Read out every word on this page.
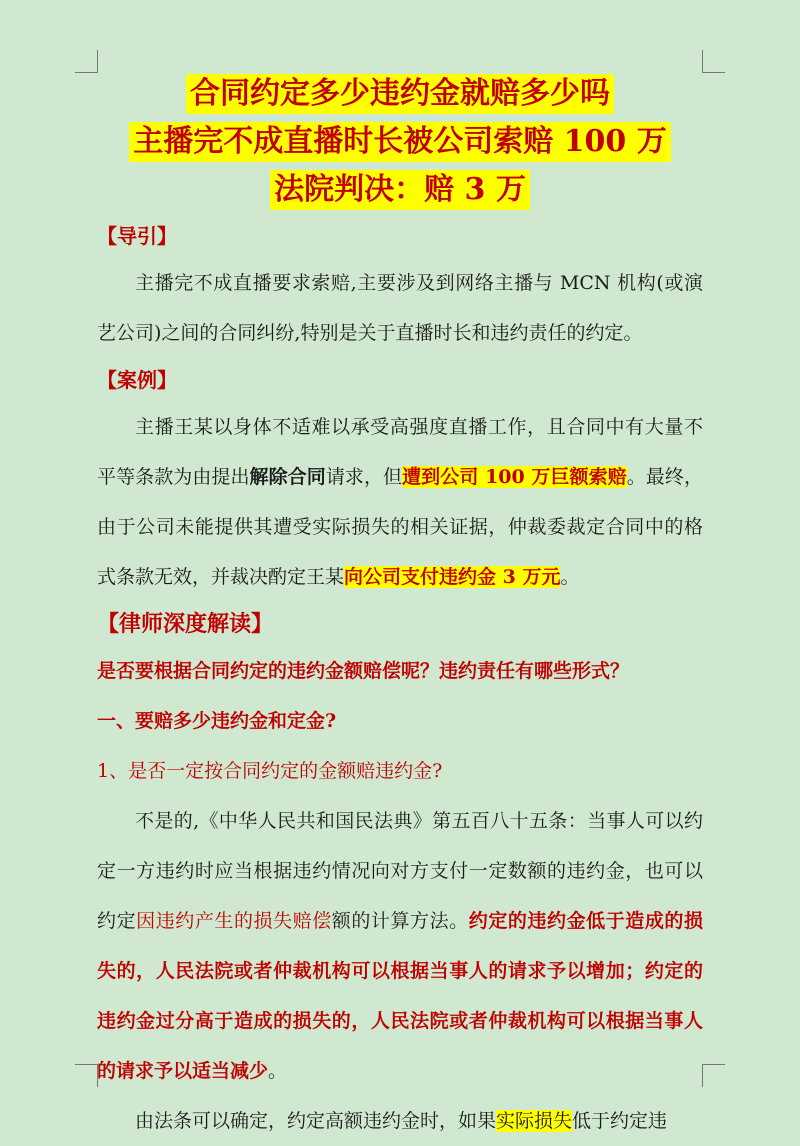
合同约定多少违约金就赔多少吗
主播完不成直播时长被公司索赔 100 万
法院判决：赔 3 万
【导引】

主播完不成直播要求索赔,主要涉及到网络主播与 MCN 机构(或演艺公司)之间的合同纠纷,特别是关于直播时长和违约责任的约定。

【案例】

主播王某以身体不适难以承受高强度直播工作，且合同中有大量不平等条款为由提出解除合同请求，但遭到公司 100 万巨额索赔。最终，由于公司未能提供其遭受实际损失的相关证据，仲裁委裁定合同中的格式条款无效，并裁决酌定王某向公司支付违约金 3 万元。

【律师深度解读】

是否要根据合同约定的违约金额赔偿呢？违约责任有哪些形式？

一、要赔多少违约金和定金?

1、是否一定按合同约定的金额赔违约金?

不是的,《中华人民共和国民法典》第五百八十五条：当事人可以约定一方违约时应当根据违约情况向对方支付一定数额的违约金，也可以约定因违约产生的损失赔偿额的计算方法。约定的违约金低于造成的损失的，人民法院或者仲裁机构可以根据当事人的请求予以增加；约定的违约金过分高于造成的损失的，人民法院或者仲裁机构可以根据当事人的请求予以适当减少。

由法条可以确定，约定高额违约金时，如果实际损失低于约定违
